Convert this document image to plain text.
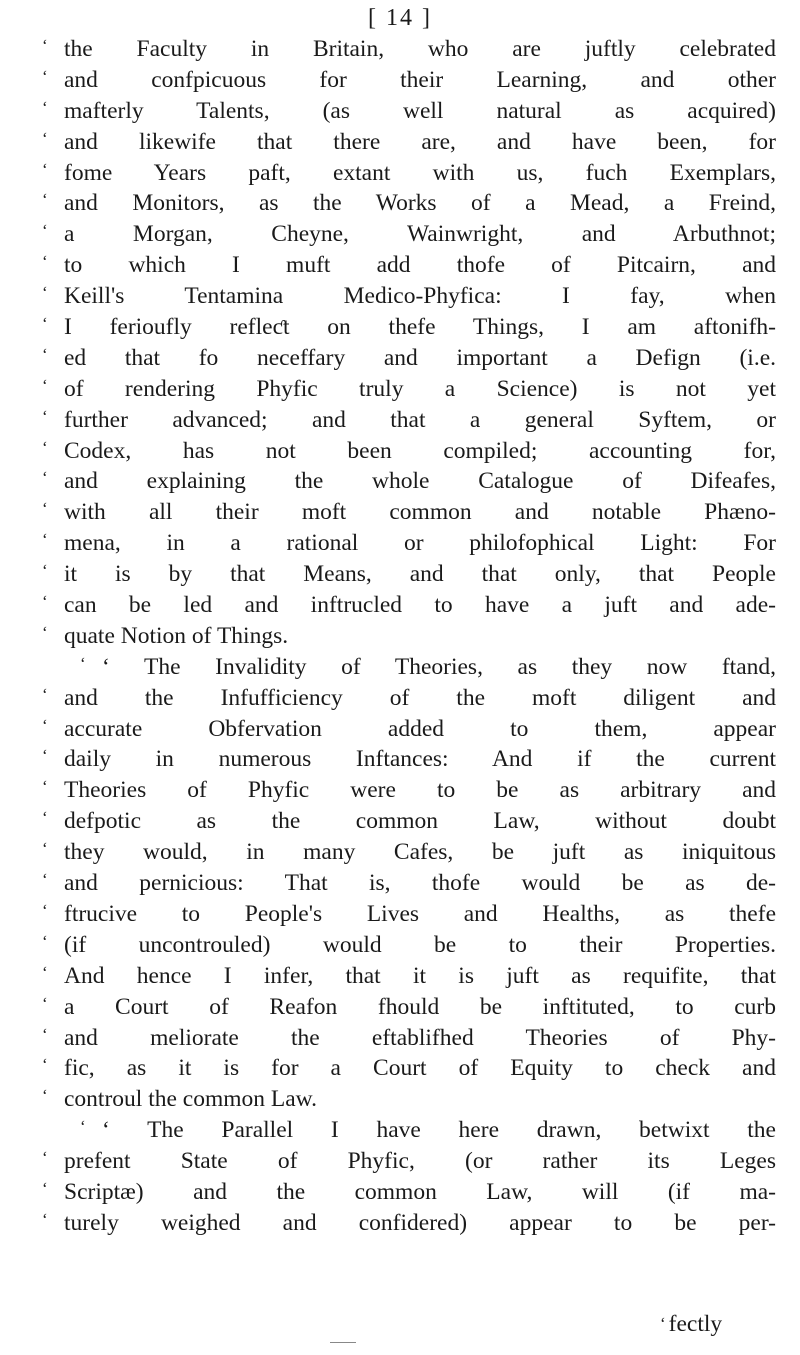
[ 14 ]
‘ the Faculty in Britain, who are juftly celebrated
‘ and confpicuous for their Learning, and other
‘ mafterly Talents, (as well natural as acquired)
‘ and likewife that there are, and have been, for
‘ fome Years paft, extant with us, fuch Exemplars,
‘ and Monitors, as the Works of a Mead, a Freind,
‘ a Morgan, Cheyne, Wainwright, and Arbuthnot;
‘ to which I muft add thofe of Pitcairn, and
‘ Keill's Tentamina Medico-Phyfica: I fay, when
‘ I ferioufly refleƈt on thefe Things, I am aftonifh-
‘ ed that fo neceffary and important a Defign (i.e.
‘ of rendering Phyfic truly a Science) is not yet
‘ further advanced; and that a general Syftem, or
‘ Codex, has not been compiled; accounting for,
‘ and explaining the whole Catalogue of Difeafes,
‘ with all their moft common and notable Phæno-
‘ mena, in a rational or philofophical Light: For
‘ it is by that Means, and that only, that People
‘ can be led and inftrucled to have a juft and ade-
‘ quate Notion of Things.
‘ ‘ The Invalidity of Theories, as they now ftand,
‘ and the Infufficiency of the moft diligent and
‘ accurate Obfervation added to them, appear
‘ daily in numerous Inftances: And if the current
‘ Theories of Phyfic were to be as arbitrary and
‘ defpotic as the common Law, without doubt
‘ they would, in many Cafes, be juft as iniquitous
‘ and pernicious: That is, thofe would be as de-
‘ ftrucive to People's Lives and Healths, as thefe
‘ (if uncontrouled) would be to their Properties.
‘ And hence I infer, that it is juft as requifite, that
‘ a Court of Reafon fhould be inftituted, to curb
‘ and meliorate the eftablifhed Theories of Phy-
‘ fic, as it is for a Court of Equity to check and
‘ controul the common Law.
‘ ‘ The Parallel I have here drawn, betwixt the
‘ prefent State of Phyfic, (or rather its Leges
‘ Scriptæ) and the common Law, will (if ma-
‘ turely weighed and confidered) appear to be per-
‘ fectly
